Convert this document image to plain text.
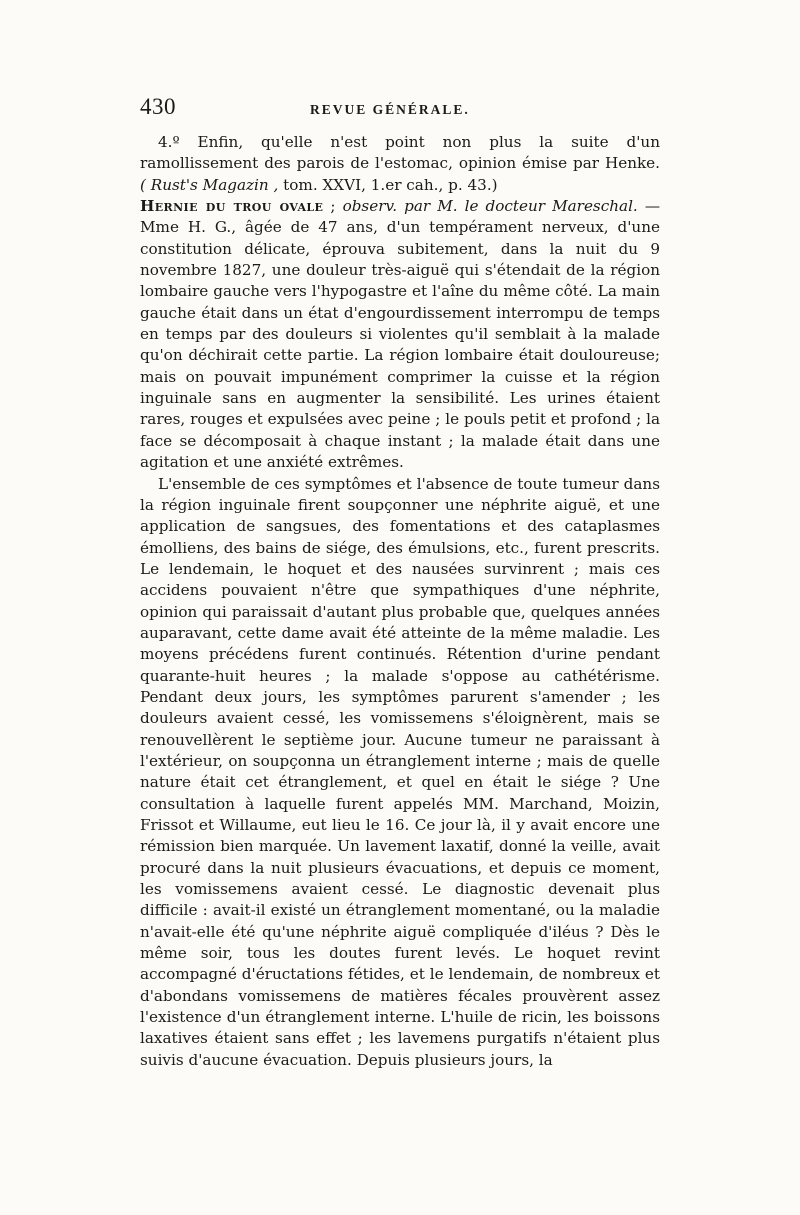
430	REVUE GÉNÉRALE.

4.º Enfin, qu'elle n'est point non plus la suite d'un ramollissement des parois de l'estomac, opinion émise par Henke. ( Rust's Magazin , tom. XXVI, 1.er cah., p. 43.)

Hernie du trou ovale ; observ. par M. le docteur Mareschal. — Mme H. G., âgée de 47 ans, d'un tempérament nerveux, d'une constitution délicate, éprouva subitement, dans la nuit du 9 novembre 1827, une douleur très-aiguë qui s'étendait de la région lombaire gauche vers l'hypogastre et l'aîne du même côté. La main gauche était dans un état d'engourdissement interrompu de temps en temps par des douleurs si violentes qu'il semblait à la malade qu'on déchirait cette partie. La région lombaire était douloureuse; mais on pouvait impunément comprimer la cuisse et la région inguinale sans en augmenter la sensibilité. Les urines étaient rares, rouges et expulsées avec peine ; le pouls petit et profond ; la face se décomposait à chaque instant ; la malade était dans une agitation et une anxiété extrêmes.

L'ensemble de ces symptômes et l'absence de toute tumeur dans la région inguinale firent soupçonner une néphrite aiguë, et une application de sangsues, des fomentations et des cataplasmes émolliens, des bains de siége, des émulsions, etc., furent prescrits. Le lendemain, le hoquet et des nausées survinrent ; mais ces accidens pouvaient n'être que sympathiques d'une néphrite, opinion qui paraissait d'autant plus probable que, quelques années auparavant, cette dame avait été atteinte de la même maladie. Les moyens précédens furent continués. Rétention d'urine pendant quarante-huit heures ; la malade s'oppose au cathétérisme. Pendant deux jours, les symptômes parurent s'amender ; les douleurs avaient cessé, les vomissemens s'éloignèrent, mais se renouvellèrent le septième jour. Aucune tumeur ne paraissant à l'extérieur, on soupçonna un étranglement interne ; mais de quelle nature était cet étranglement, et quel en était le siége ? Une consultation à laquelle furent appelés MM. Marchand, Moizin, Frissot et Willaume, eut lieu le 16. Ce jour là, il y avait encore une rémission bien marquée. Un lavement laxatif, donné la veille, avait procuré dans la nuit plusieurs évacuations, et depuis ce moment, les vomissemens avaient cessé. Le diagnostic devenait plus difficile : avait-il existé un étranglement momentané, ou la maladie n'avait-elle été qu'une néphrite aiguë compliquée d'iléus ? Dès le même soir, tous les doutes furent levés. Le hoquet revint accompagné d'éructations fétides, et le lendemain, de nombreux et d'abondans vomissemens de matières fécales prouvèrent assez l'existence d'un étranglement interne. L'huile de ricin, les boissons laxatives étaient sans effet ; les lavemens purgatifs n'étaient plus suivis d'aucune évacuation. Depuis plusieurs jours, la
